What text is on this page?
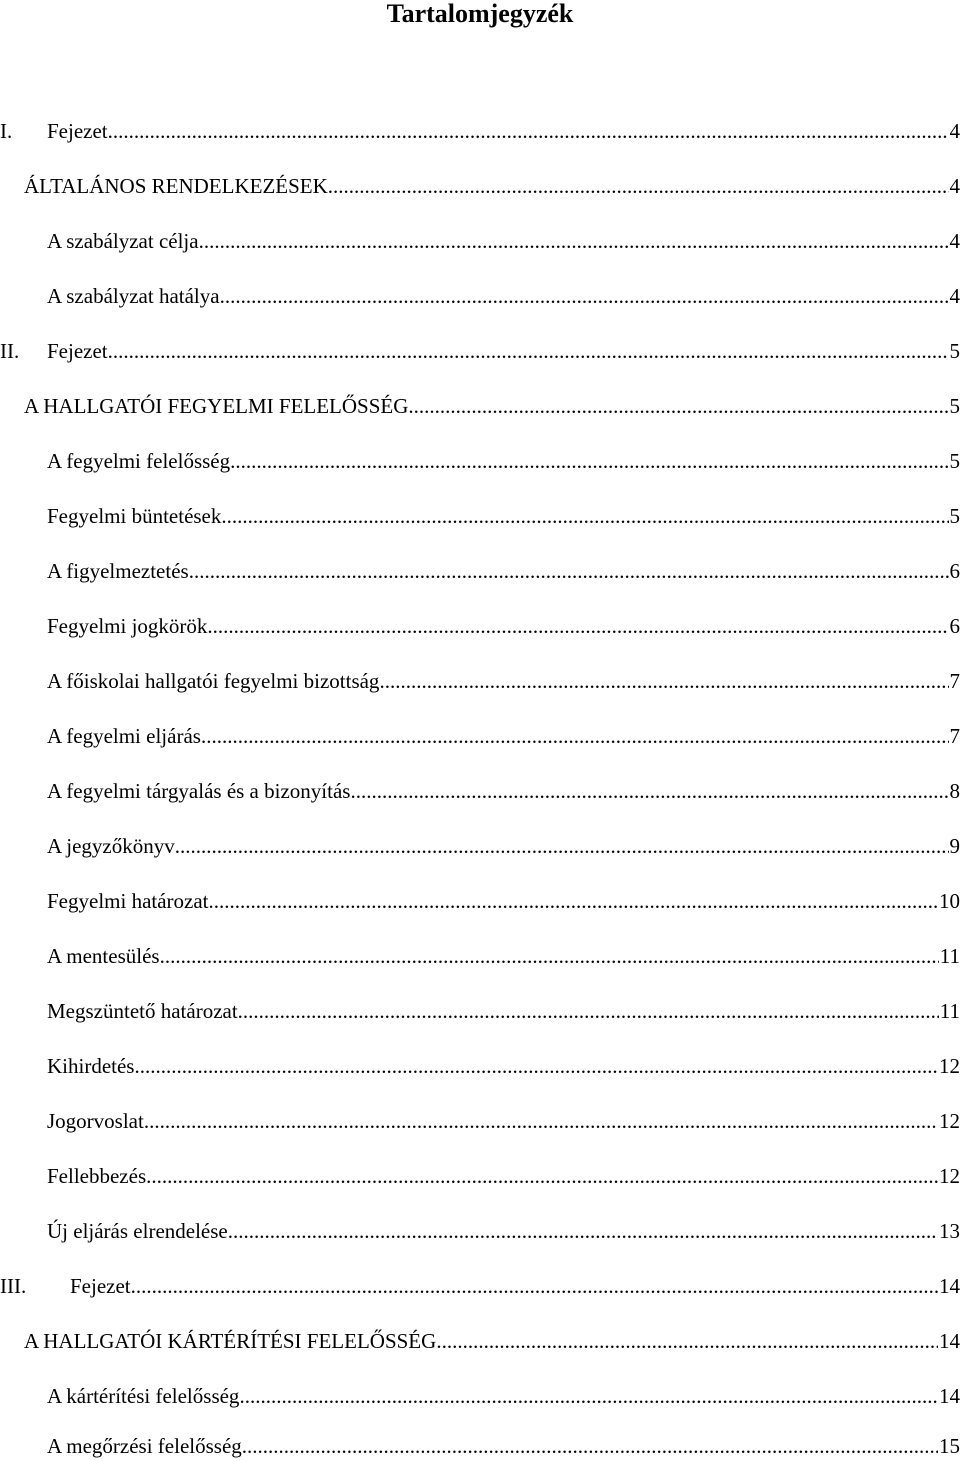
Tartalomjegyzék
I.	Fejezet .....	4
ÁLTALÁNOS RENDELKEZÉSEK .....	4
A szabályzat célja .....	4
A szabályzat hatálya .....	4
II.	Fejezet .....	5
A HALLGATÓI FEGYELMI FELELŐSSÉG .....	5
A fegyelmi felelősség .....	5
Fegyelmi büntetések .....	5
A figyelmeztetés .....	6
Fegyelmi jogkörök .....	6
A főiskolai hallgatói fegyelmi bizottság .....	7
A fegyelmi eljárás .....	7
A fegyelmi tárgyalás és a bizonyítás .....	8
A jegyzőkönyv .....	9
Fegyelmi határozat .....	10
A mentesülés .....	11
Megszüntető határozat .....	11
Kihirdetés .....	12
Jogorvoslat .....	12
Fellebbezés .....	12
Új eljárás elrendelése .....	13
III.	Fejezet .....	14
A HALLGATÓI KÁRTÉRÍTÉSI FELELŐSSÉG .....	14
A kártérítési felelősség .....	14
A megőrzési felelősség .....	15
